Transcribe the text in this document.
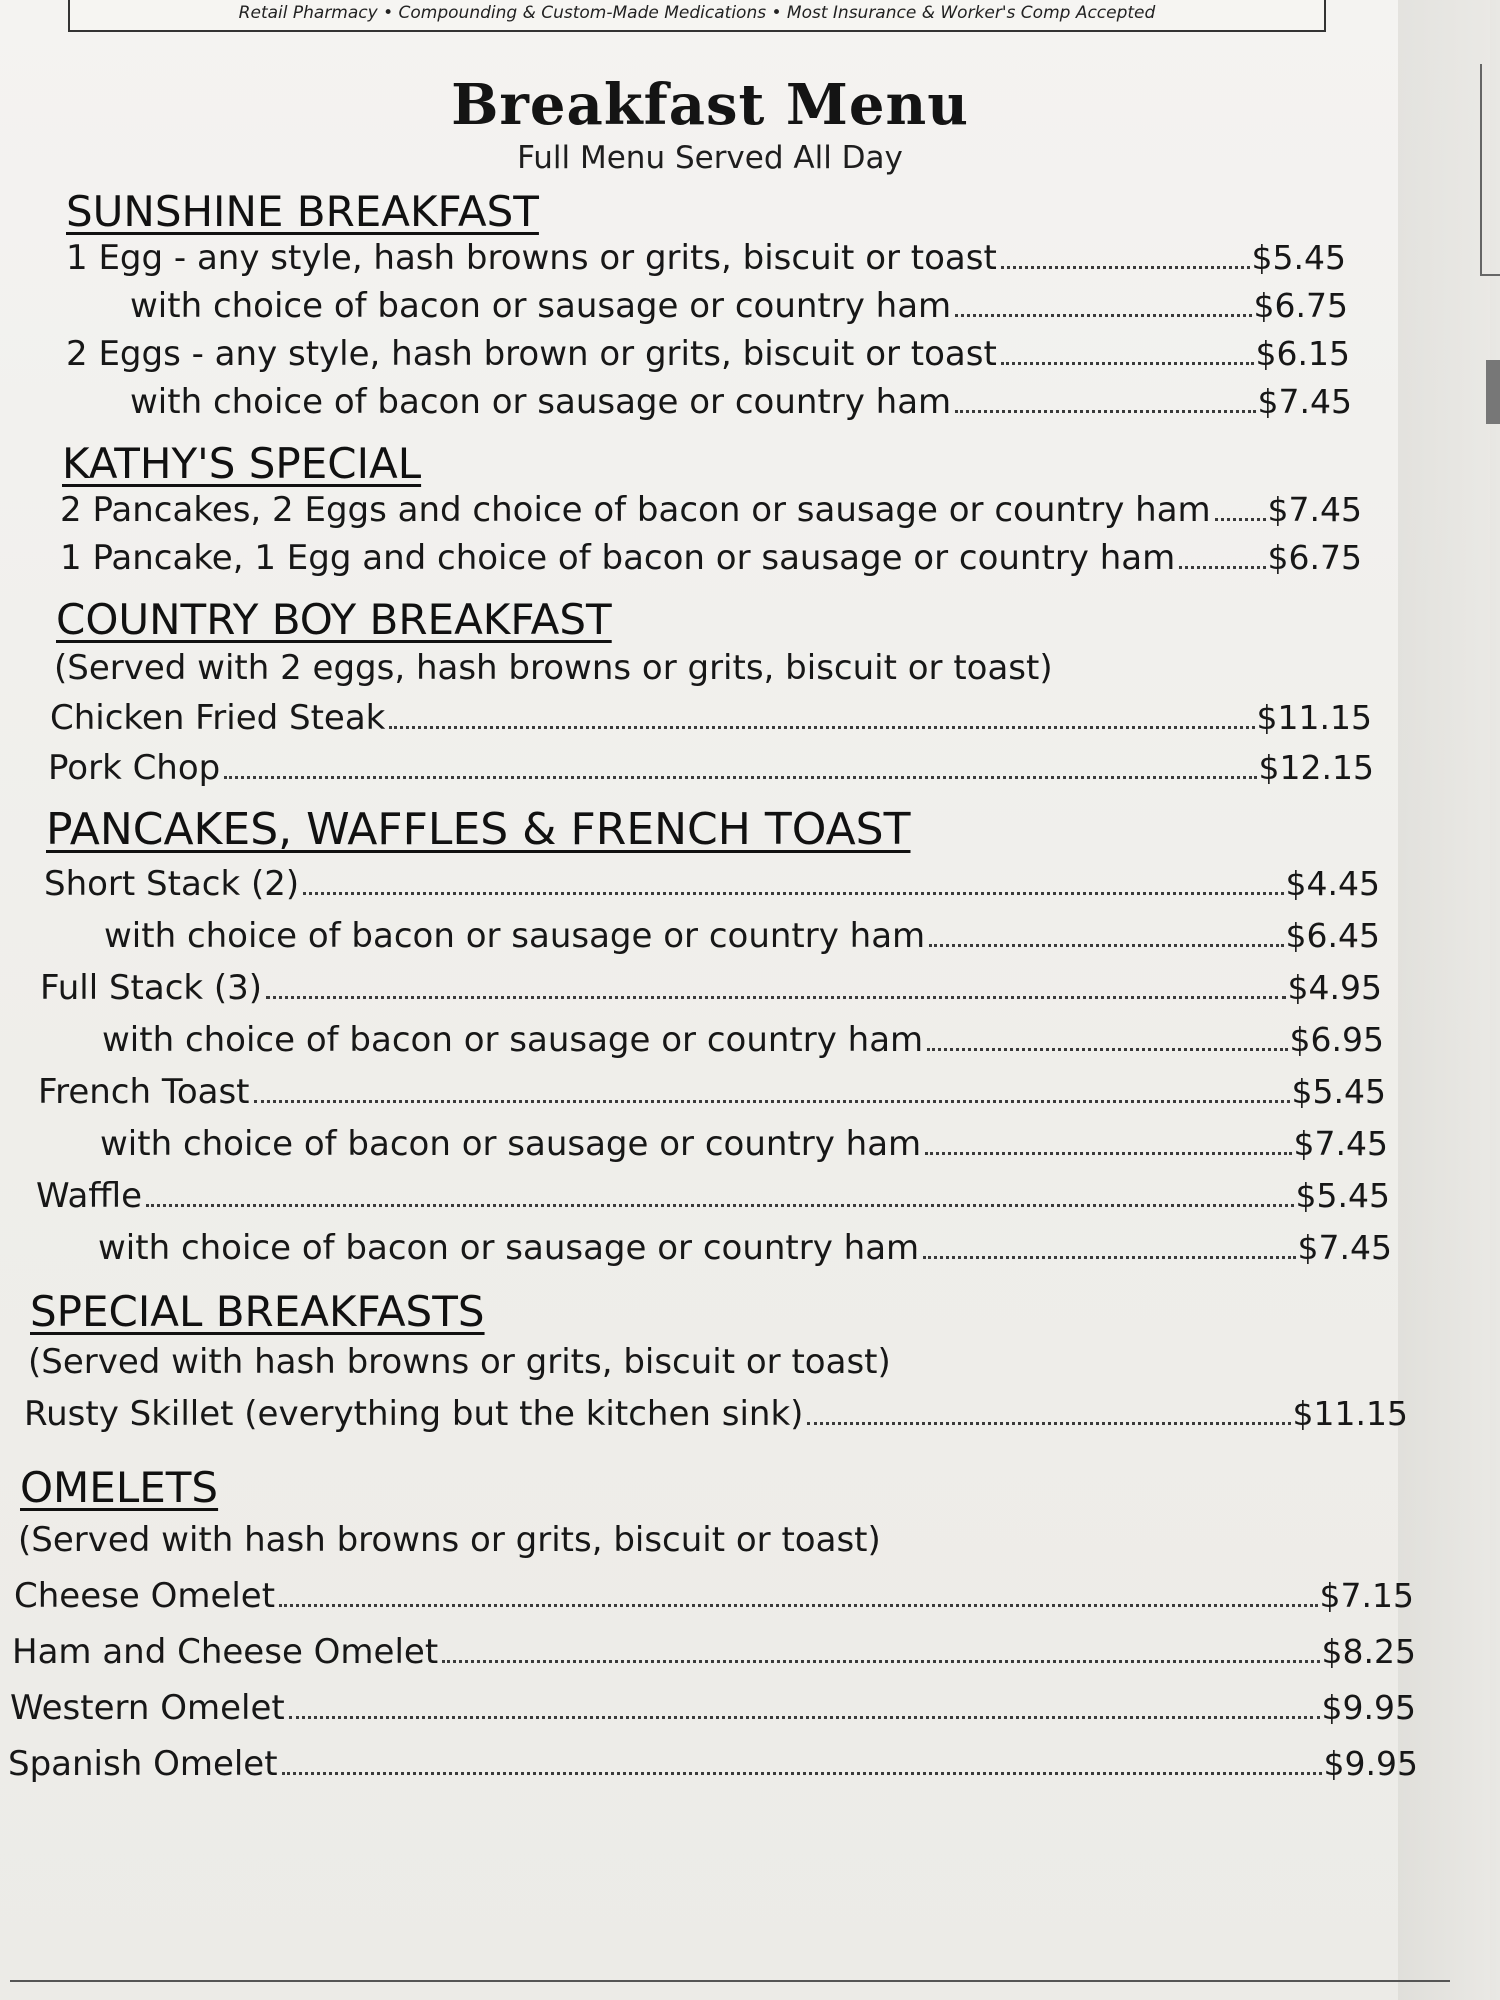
Retail Pharmacy • Compounding & Custom-Made Medications • Most Insurance & Worker's Comp Accepted
Breakfast Menu
Full Menu Served All Day
SUNSHINE BREAKFAST
1 Egg - any style, hash browns or grits, biscuit or toast	$5.45
with choice of bacon or sausage or country ham	$6.75
2 Eggs - any style, hash brown or grits, biscuit or toast	$6.15
with choice of bacon or sausage or country ham	$7.45
KATHY'S SPECIAL
2 Pancakes, 2 Eggs and choice of bacon or sausage or country ham $7.45
1 Pancake, 1 Egg and choice of bacon or sausage or country ham	$6.75
COUNTRY BOY BREAKFAST
(Served with 2 eggs, hash browns or grits, biscuit or toast)
Chicken Fried Steak	$11.15
Pork Chop	$12.15
PANCAKES, WAFFLES & FRENCH TOAST
Short Stack (2)	$4.45
with choice of bacon or sausage or country ham	$6.45
Full Stack (3)	$4.95
with choice of bacon or sausage or country ham	$6.95
French Toast	$5.45
with choice of bacon or sausage or country ham	$7.45
Waffle	$5.45
with choice of bacon or sausage or country ham	$7.45
SPECIAL BREAKFASTS
(Served with hash browns or grits, biscuit or toast)
Rusty Skillet (everything but the kitchen sink)	$11.15
OMELETS
(Served with hash browns or grits, biscuit or toast)
Cheese Omelet	$7.15
Ham and Cheese Omelet	$8.25
Western Omelet	$9.95
Spanish Omelet	$9.95
